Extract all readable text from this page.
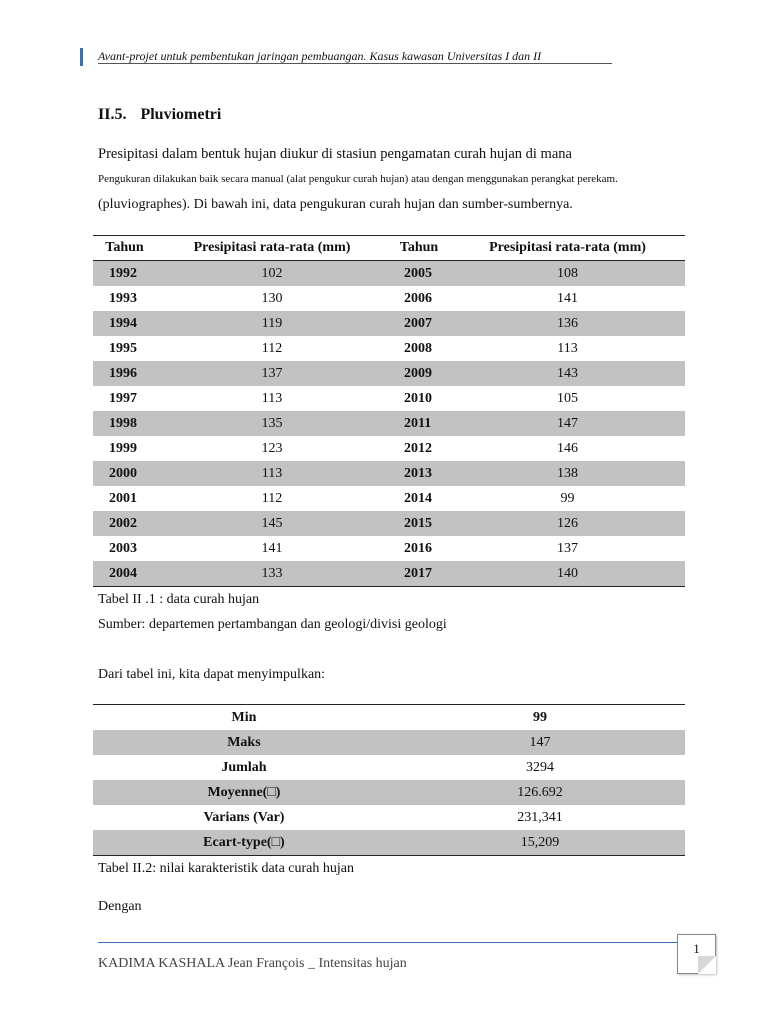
Avant-projet untuk pembentukan jaringan pembuangan. Kasus kawasan Universitas I dan II
II.5. Pluviometri
Presipitasi dalam bentuk hujan diukur di stasiun pengamatan curah hujan di mana
Pengukuran dilakukan baik secara manual (alat pengukur curah hujan) atau dengan menggunakan perangkat perekam.
(pluviographes). Di bawah ini, data pengukuran curah hujan dan sumber-sumbernya.
Tahun	Presipitasi rata-rata (mm)	Tahun	Presipitasi rata-rata (mm)
1992	102	2005	108
1993	130	2006	141
1994	119	2007	136
1995	112	2008	113
1996	137	2009	143
1997	113	2010	105
1998	135	2011	147
1999	123	2012	146
2000	113	2013	138
2001	112	2014	99
2002	145	2015	126
2003	141	2016	137
2004	133	2017	140
Tabel II .1 : data curah hujan
Sumber: departemen pertambangan dan geologi/divisi geologi
Dari tabel ini, kita dapat menyimpulkan:
Min	99
Maks	147
Jumlah	3294
Moyenne(□)	126.692
Varians (Var)	231,341
Ecart-type(□)	15,209
Tabel II.2: nilai karakteristik data curah hujan
Dengan
KADIMA KASHALA Jean François _ Intensitas hujan
1
